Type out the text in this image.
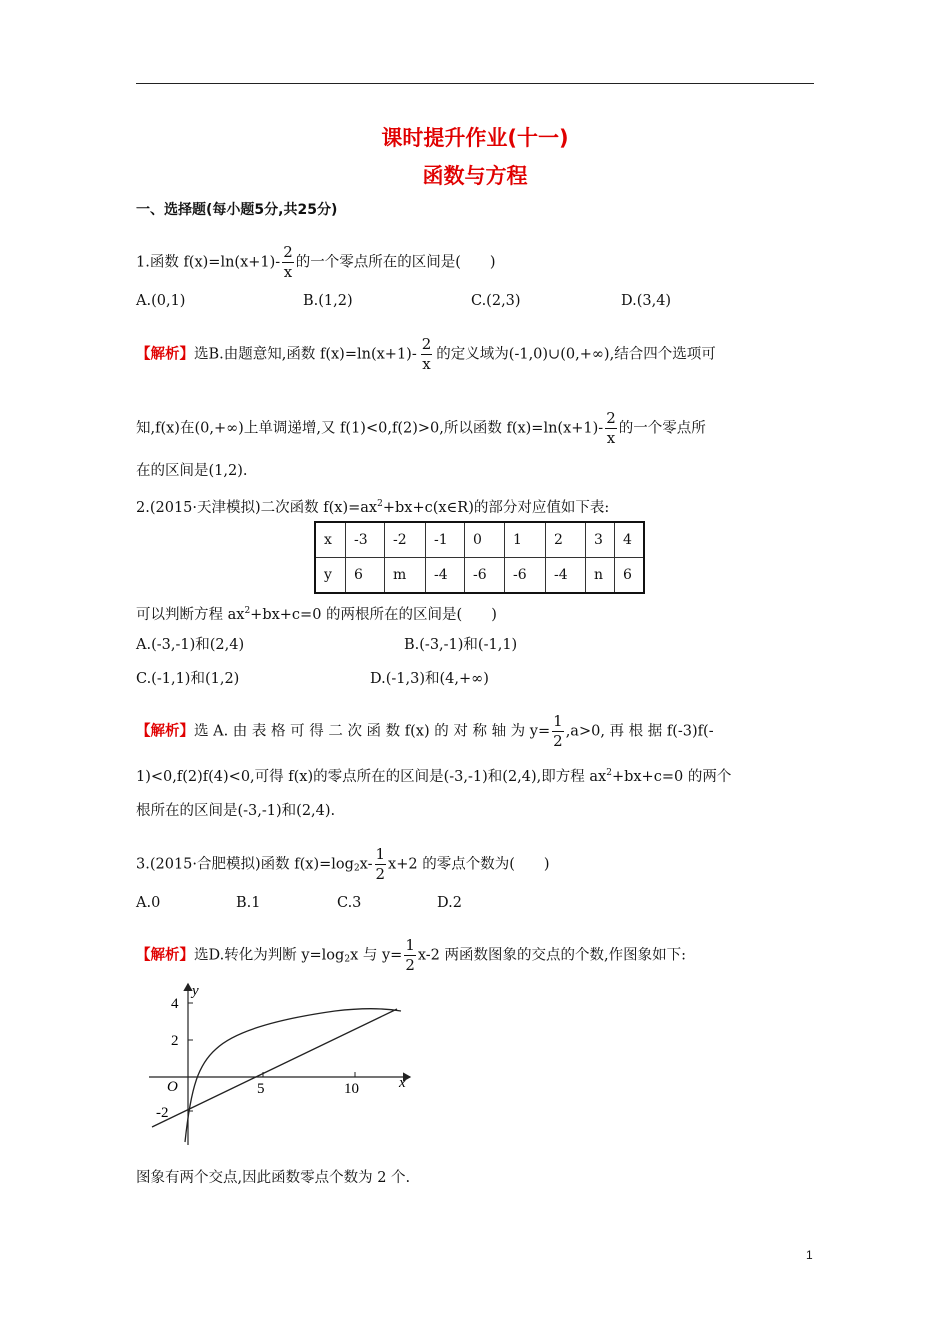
课时提升作业(十一)
函数与方程
一、选择题(每小题5分,共25分)
1.函数 $f(x)=\ln(x+1)- \frac{2}{x}$ 的一个零点所在的区间是(　　)
A.(0,1)	B.(1,2)	C.(2,3)	D.(3,4)
【解析】选B.由题意知,函数 $f(x)=\ln(x+1)- \frac{2}{x}$ 的定义域为(-1,0)∪(0,+∞),结合四个选项可
知,f(x)在(0,+∞)上单调递增,又 f(1)<0,f(2)>0,所以函数 $f(x)=\ln(x+1)- \frac{2}{x}$ 的一个零点所
在的区间是(1,2).
2.(2015·天津模拟)二次函数 $f(x)=ax^2+bx+c(x\in R)$的部分对应值如下表:
x	-3	-2	-1	0	1	2	3	4
y	6	m	-4	-6	-6	-4	n	6
可以判断方程 $ax^2+bx+c=0$ 的两根所在的区间是(　　)
A.(-3,-1)和(2,4)	B.(-3,-1)和(-1,1)
C.(-1,1)和(1,2)	D.(-1,3)和(4,+∞)
【解析】选 A. 由 表 格 可 得 二 次 函 数 f(x) 的 对 称 轴 为 $y= \frac{1}{2} ,a>0$, 再 根 据 f(-3)f(-
1)<0,f(2)f(4)<0,可得 f(x)的零点所在的区间是(-3,-1)和(2,4),即方程 $ax^2+bx+c=0$ 的两个
根所在的区间是(-3,-1)和(2,4).
3.(2015·合肥模拟)函数 $f(x)=\log_2x- \frac{1}{2} x+2$ 的零点个数为(　　)
A.0	B.1	C.3	D.2
【解析】选D.转化为判断 $y=\log_2x$ 与 $y= \frac{1}{2} x-2$ 两函数图象的交点的个数,作图象如下:
4
2
-2
O	5	10	x
y
图象有两个交点,因此函数零点个数为 2 个.
1
